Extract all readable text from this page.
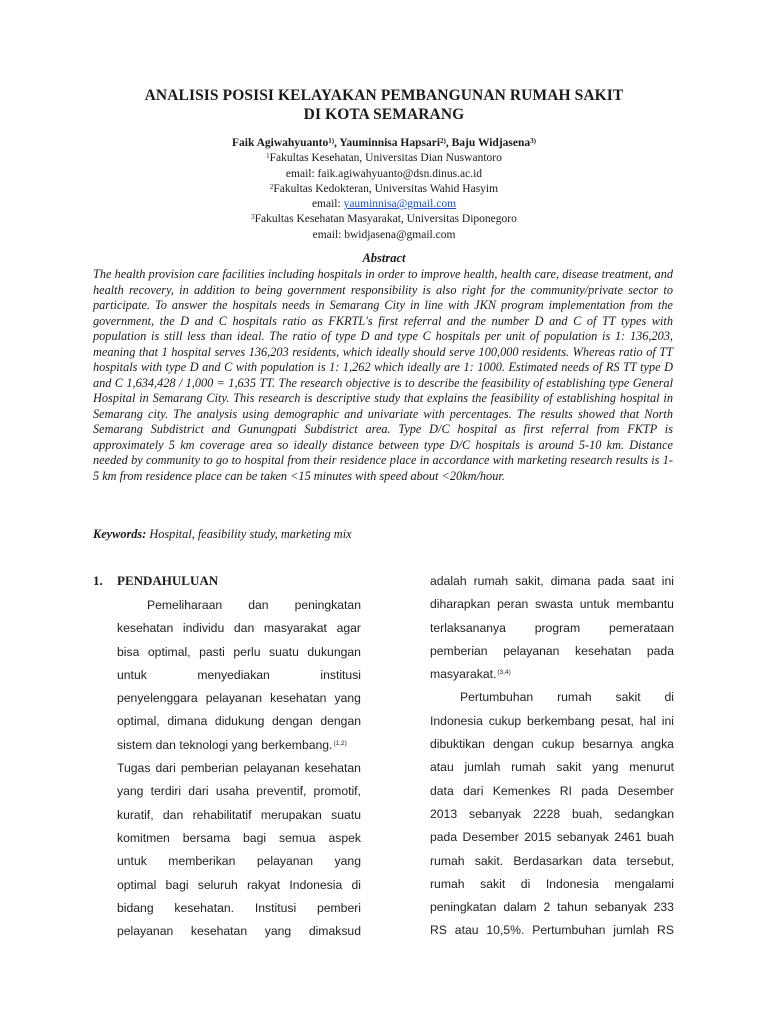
ANALISIS POSISI KELAYAKAN PEMBANGUNAN RUMAH SAKIT
DI KOTA SEMARANG
Faik Agiwahyuanto$^{1)}$, Yauminnisa Hapsari$^{2)}$, Baju Widjasena$^{3)}$
$^1$Fakultas Kesehatan, Universitas Dian Nuswantoro
email: faik.agiwahyuanto@dsn.dinus.ac.id
$^2$Fakultas Kedokteran, Universitas Wahid Hasyim
email: yauminnisa@gmail.com
$^3$Fakultas Kesehatan Masyarakat, Universitas Diponegoro
email: bwidjasena@gmail.com
Abstract
The health provision care facilities including hospitals in order to improve health, health care, disease treatment, and health recovery, in addition to being government responsibility is also right for the community/private sector to participate. To answer the hospitals needs in Semarang City in line with JKN program implementation from the government, the D and C hospitals ratio as FKRTL's first referral and the number D and C of TT types with population is still less than ideal. The ratio of type D and type C hospitals per unit of population is 1: 136,203, meaning that 1 hospital serves 136,203 residents, which ideally should serve 100,000 residents. Whereas ratio of TT hospitals with type D and C with population is 1: 1,262 which ideally are 1: 1000. Estimated needs of RS TT type D and C 1,634,428 / 1,000 = 1,635 TT. The research objective is to describe the feasibility of establishing type General Hospital in Semarang City. This research is descriptive study that explains the feasibility of establishing hospital in Semarang city. The analysis using demographic and univariate with percentages. The results showed that North Semarang Subdistrict and Gunungpati Subdistrict area. Type D/C hospital as first referral from FKTP is approximately 5 km coverage area so ideally distance between type D/C hospitals is around 5-10 km. Distance needed by community to go to hospital from their residence place in accordance with marketing research results is 1-5 km from residence place can be taken <15 minutes with speed about <20km/hour.
Keywords: Hospital, feasibility study, marketing mix
1. PENDAHULUAN
Pemeliharaan dan peningkatan
kesehatan individu dan masyarakat agar
bisa optimal, pasti perlu suatu dukungan
untuk	menyediakan	institusi
penyelenggara pelayanan kesehatan yang
optimal, dimana didukung dengan dengan
sistem dan teknologi yang berkembang.$^{(1,2)}$
Tugas dari pemberian pelayanan kesehatan
yang terdiri dari usaha preventif, promotif,
kuratif, dan rehabilitatif merupakan suatu
komitmen bersama bagi semua aspek
untuk memberikan pelayanan yang
optimal bagi seluruh rakyat Indonesia di
bidang kesehatan. Institusi pemberi
pelayanan kesehatan yang dimaksud
adalah rumah sakit, dimana pada saat ini
diharapkan peran swasta untuk membantu
terlaksananya program pemerataan
pemberian pelayanan kesehatan pada
masyarakat.$^{(3,4)}$
Pertumbuhan rumah sakit di
Indonesia cukup berkembang pesat, hal ini
dibuktikan dengan cukup besarnya angka
atau jumlah rumah sakit yang menurut
data dari Kemenkes RI pada Desember
2013 sebanyak 2228 buah, sedangkan
pada Desember 2015 sebanyak 2461 buah
rumah sakit. Berdasarkan data tersebut,
rumah sakit di Indonesia mengalami
peningkatan dalam 2 tahun sebanyak 233
RS atau 10,5%. Pertumbuhan jumlah RS
